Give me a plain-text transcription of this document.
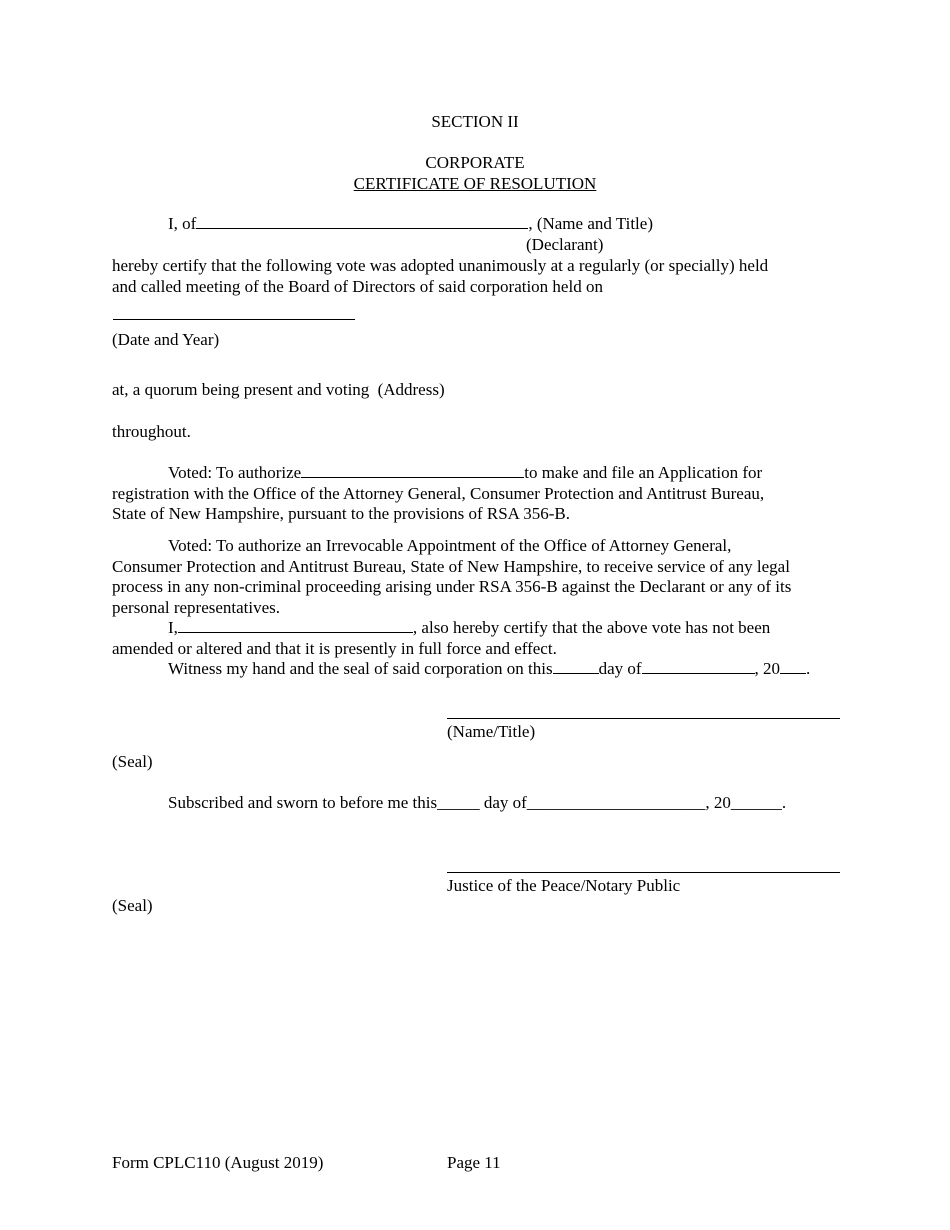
SECTION II
CORPORATE
CERTIFICATE OF RESOLUTION
I, of	, (Name and Title)
(Declarant)
hereby certify that the following vote was adopted unanimously at a regularly (or specially) held
and called meeting of the Board of Directors of said corporation held on
(Date and Year)
at, a quorum being present and voting (Address)
throughout.
Voted: To authorize	to make and file an Application for
registration with the Office of the Attorney General, Consumer Protection and Antitrust Bureau,
State of New Hampshire, pursuant to the provisions of RSA 356-B.
Voted: To authorize an Irrevocable Appointment of the Office of Attorney General,
Consumer Protection and Antitrust Bureau, State of New Hampshire, to receive service of any legal
process in any non-criminal proceeding arising under RSA 356-B against the Declarant or any of its
personal representatives.
I,	, also hereby certify that the above vote has not been
amended or altered and that it is presently in full force and effect.
Witness my hand and the seal of said corporation on this	day of	, 20 .
(Name/Title)
(Seal)
Subscribed and sworn to before me this_____ day of_____________________, 20______.
Justice of the Peace/Notary Public
(Seal)
Form CPLC110 (August 2019)	Page 11
